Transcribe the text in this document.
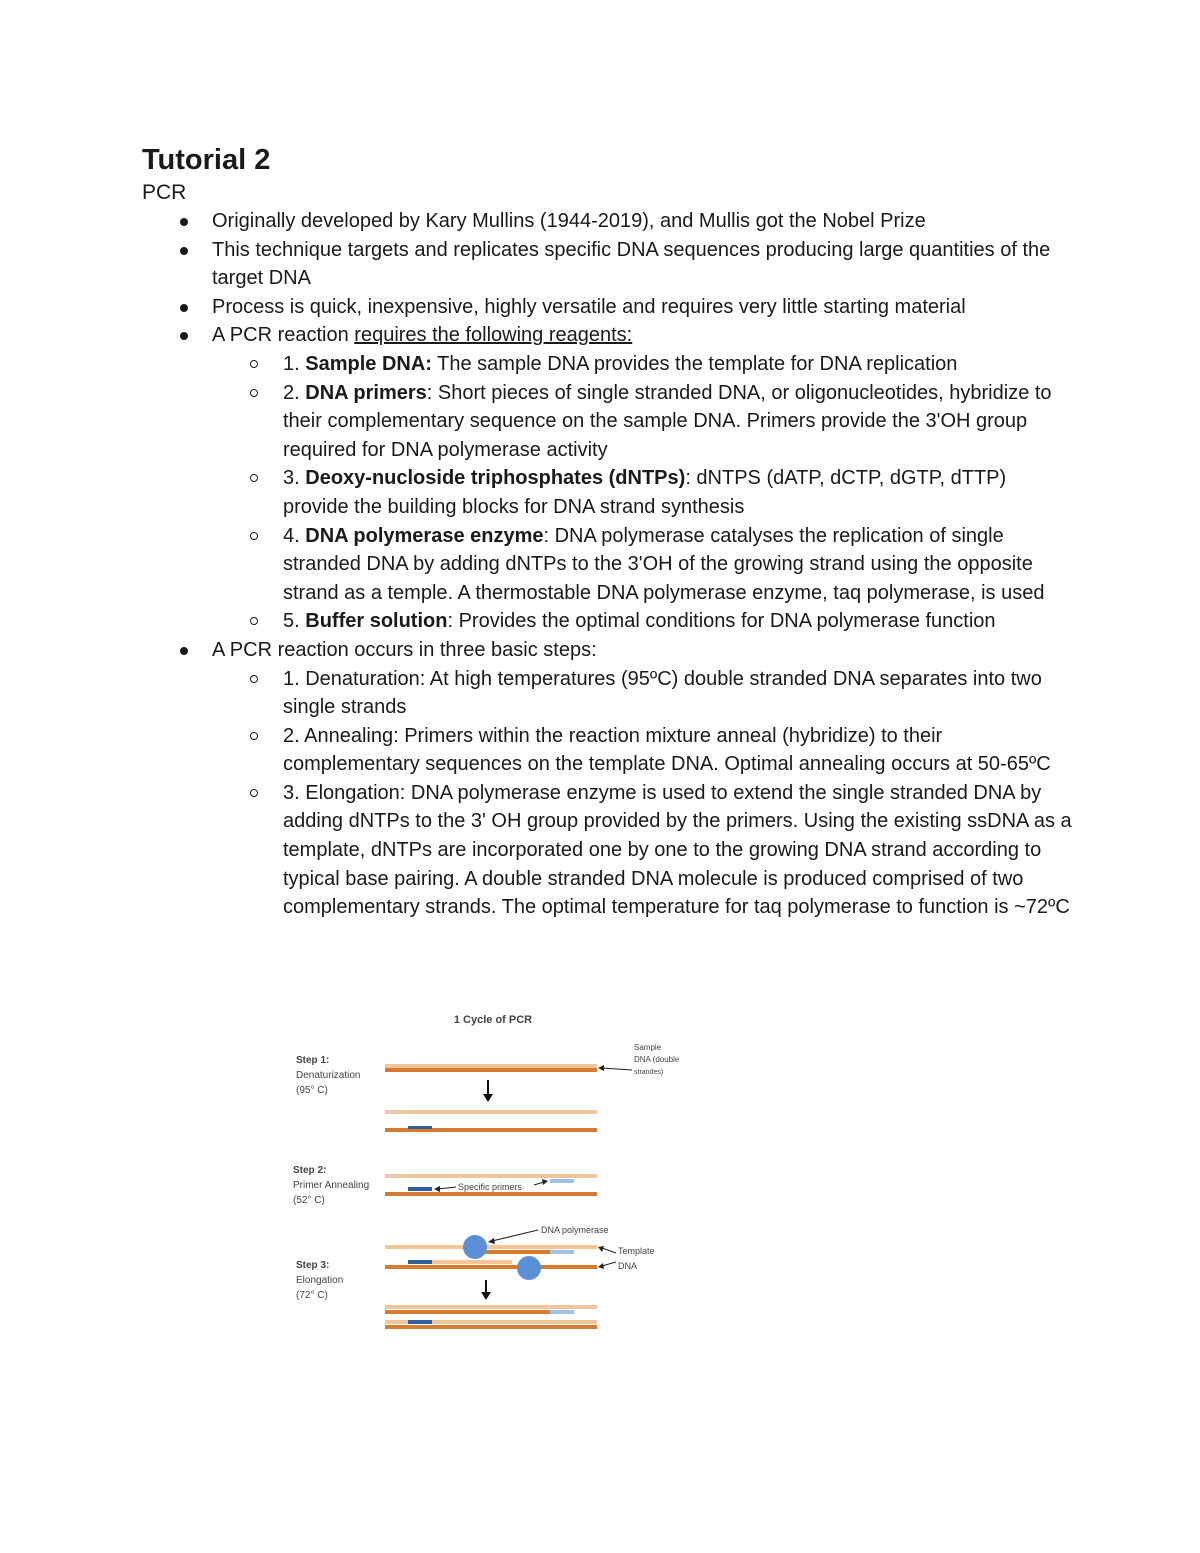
Tutorial 2
PCR
Originally developed by Kary Mullins (1944-2019), and Mullis got the Nobel Prize
This technique targets and replicates specific DNA sequences producing large quantities of the target DNA
Process is quick, inexpensive, highly versatile and requires very little starting material
A PCR reaction requires the following reagents:
1. Sample DNA: The sample DNA provides the template for DNA replication
2. DNA primers: Short pieces of single stranded DNA, or oligonucleotides, hybridize to their complementary sequence on the sample DNA. Primers provide the 3'OH group required for DNA polymerase activity
3. Deoxy-nucloside triphosphates (dNTPs): dNTPS (dATP, dCTP, dGTP, dTTP) provide the building blocks for DNA strand synthesis
4. DNA polymerase enzyme: DNA polymerase catalyses the replication of single stranded DNA by adding dNTPs to the 3'OH of the growing strand using the opposite strand as a temple. A thermostable DNA polymerase enzyme, taq polymerase, is used
5. Buffer solution: Provides the optimal conditions for DNA polymerase function
A PCR reaction occurs in three basic steps:
1. Denaturation: At high temperatures (95ºC) double stranded DNA separates into two single strands
2. Annealing: Primers within the reaction mixture anneal (hybridize) to their complementary sequences on the template DNA. Optimal annealing occurs at 50-65ºC
3. Elongation: DNA polymerase enzyme is used to extend the single stranded DNA by adding dNTPs to the 3' OH group provided by the primers. Using the existing ssDNA as a template, dNTPs are incorporated one by one to the growing DNA strand according to typical base pairing. A double stranded DNA molecule is produced comprised of two complementary strands. The optimal temperature for taq polymerase to function is ~72ºC
1 Cycle of PCR
Step 1:
Denaturization
(95° C)
Sample
DNA (double
strandes)
Step 2:
Primer Annealing
(52° C)
Specific primers
Step 3:
Elongation
(72° C)
DNA polymerase
Template
DNA
